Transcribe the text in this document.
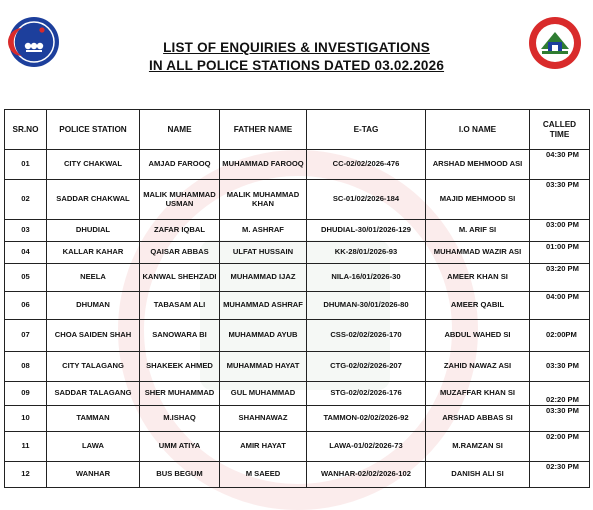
LIST OF ENQUIRIES & INVESTIGATIONS
IN ALL POLICE STATIONS DATED 03.02.2026
SR.NO	POLICE STATION	NAME	FATHER NAME	E-TAG	I.O NAME	CALLED TIME
01	CITY CHAKWAL	AMJAD FAROOQ	MUHAMMAD FAROOQ	CC-02/02/2026-476	ARSHAD MEHMOOD ASI	04:30 PM
02	SADDAR CHAKWAL	MALIK MUHAMMAD USMAN	MALIK MUHAMMAD KHAN	SC-01/02/2026-184	MAJID MEHMOOD SI	03:30 PM
03	DHUDIAL	ZAFAR IQBAL	M. ASHRAF	DHUDIAL-30/01/2026-129	M. ARIF SI	03:00 PM
04	KALLAR KAHAR	QAISAR ABBAS	ULFAT HUSSAIN	KK-28/01/2026-93	MUHAMMAD WAZIR ASI	01:00 PM
05	NEELA	KANWAL SHEHZADI	MUHAMMAD IJAZ	NILA-16/01/2026-30	AMEER KHAN SI	03:20 PM
06	DHUMAN	TABASAM ALI	MUHAMMAD ASHRAF	DHUMAN-30/01/2026-80	AMEER QABIL	04:00 PM
07	CHOA SAIDEN SHAH	SANOWARA BI	MUHAMMAD AYUB	CSS-02/02/2026-170	ABDUL WAHED SI	02:00PM
08	CITY TALAGANG	SHAKEEK AHMED	MUHAMMAD HAYAT	CTG-02/02/2026-207	ZAHID NAWAZ ASI	03:30 PM
09	SADDAR TALAGANG	SHER MUHAMMAD	GUL MUHAMMAD	STG-02/02/2026-176	MUZAFFAR KHAN SI	02:20 PM
10	TAMMAN	M.ISHAQ	SHAHNAWAZ	TAMMON-02/02/2026-92	ARSHAD ABBAS SI	03:30 PM
11	LAWA	UMM ATIYA	AMIR HAYAT	LAWA-01/02/2026-73	M.RAMZAN SI	02:00 PM
12	WANHAR	BUS BEGUM	M SAEED	WANHAR-02/02/2026-102	DANISH ALI SI	02:30 PM
